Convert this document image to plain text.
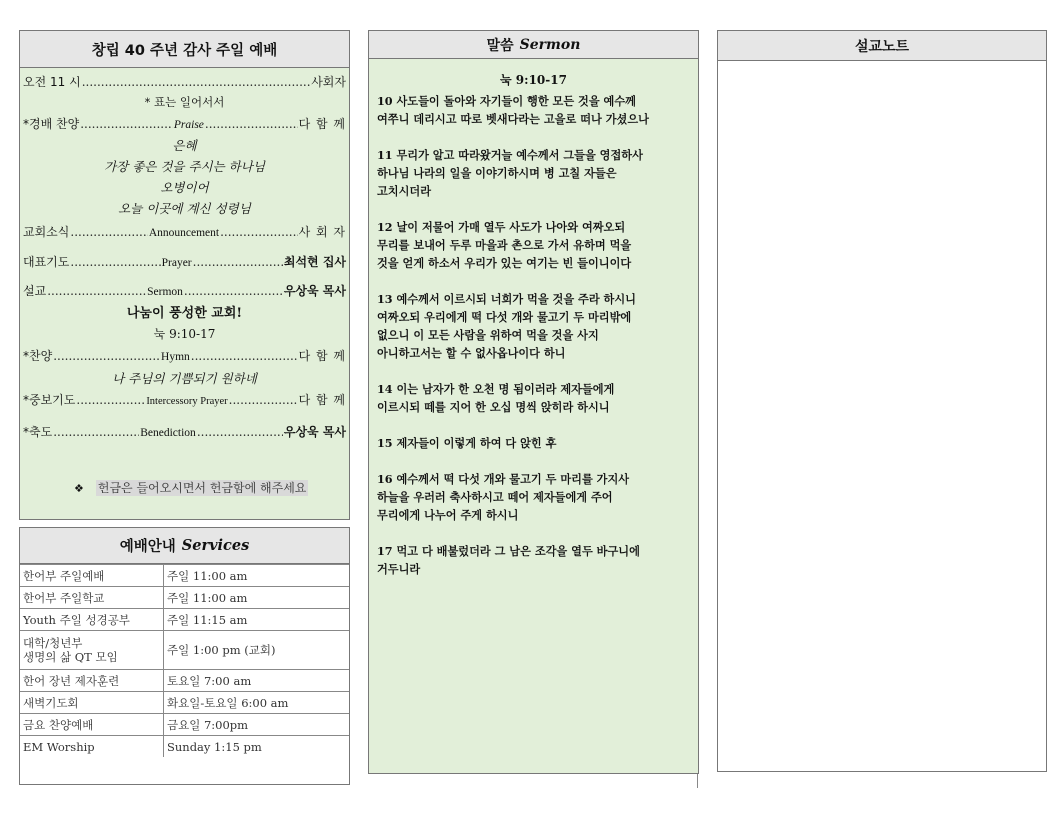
창립 40 주년 감사 주일 예배
오전 11 시 .....	사회자
* 표는 일어서서
*경배 찬양 .....	Praise .....	다 함 께
은혜
가장 좋은 것을 주시는 하나님
오병이어
오늘 이곳에 계신 성령님
교회소식 .....	Announcement .....	사 회 자
대표기도 .....	Prayer .....	최석현 집사
설교 .....	Sermon .....	우상욱 목사
나눔이 풍성한 교회!
눅 9:10-17
*찬양 .....	Hymn .....	다 함 께
나 주님의 기쁨되기 원하네
*중보기도 .....	Intercessory Prayer .....	다 함 께
*축도 .....	Benediction .....	우상욱 목사
❖ 헌금은 들어오시면서 헌금함에 해주세요
예배안내 Services
한어부 주일예배	주일 11:00 am
한어부 주일학교	주일 11:00 am
Youth 주일 성경공부	주일 11:15 am
대학/청년부
생명의 삶 QT 모임	주일 1:00 pm (교회)
한어 장년 제자훈련	토요일 7:00 am
새벽기도회	화요일-토요일 6:00 am
금요 찬양예배	금요일 7:00pm
EM Worship	Sunday 1:15 pm
말씀 Sermon
눅 9:10-17
10 사도들이 돌아와 자기들이 행한 모든 것을 예수께
여쭈니 데리시고 따로 벳새다라는 고을로 떠나 가셨으나
11 무리가 알고 따라왔거늘 예수께서 그들을 영접하사
하나님 나라의 일을 이야기하시며 병 고칠 자들은
고치시더라
12 날이 저물어 가매 열두 사도가 나아와 여짜오되
무리를 보내어 두루 마을과 촌으로 가서 유하며 먹을
것을 얻게 하소서 우리가 있는 여기는 빈 들이니이다
13 예수께서 이르시되 너희가 먹을 것을 주라 하시니
여짜오되 우리에게 떡 다섯 개와 물고기 두 마리밖에
없으니 이 모든 사람을 위하여 먹을 것을 사지
아니하고서는 할 수 없사옵나이다 하니
14 이는 남자가 한 오천 명 됨이러라 제자들에게
이르시되 떼를 지어 한 오십 명씩 앉히라 하시니
15 제자들이 이렇게 하여 다 앉힌 후
16 예수께서 떡 다섯 개와 물고기 두 마리를 가지사
하늘을 우러러 축사하시고 떼어 제자들에게 주어
무리에게 나누어 주게 하시니
17 먹고 다 배불렀더라 그 남은 조각을 열두 바구니에
거두니라
설교노트
